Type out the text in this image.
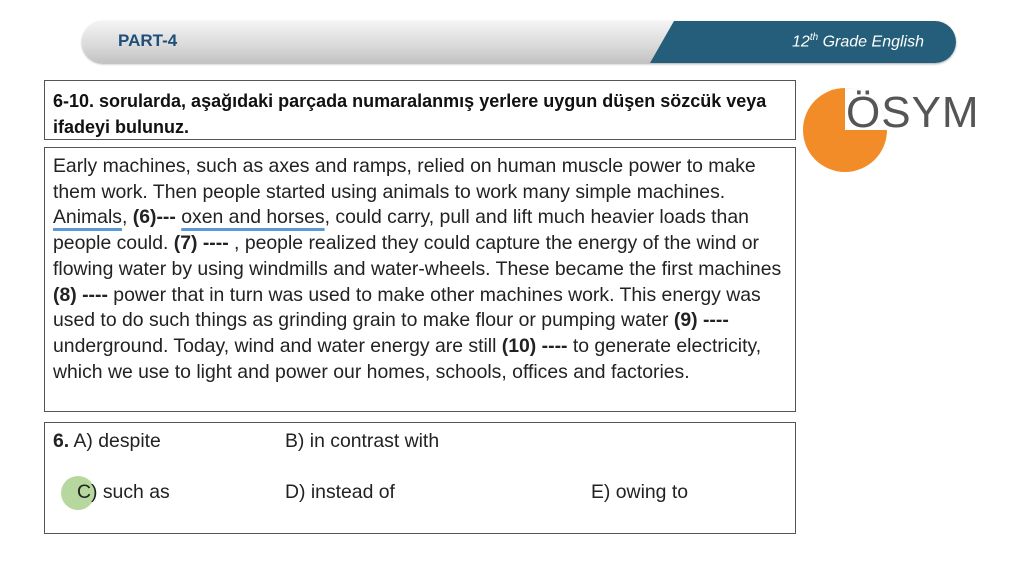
PART-4	12th Grade English
ÖSYM
6-10. sorularda, aşağıdaki parçada numaralanmış yerlere uygun düşen sözcük veya ifadeyi bulunuz.
Early machines, such as axes and ramps, relied on human muscle power to make them work. Then people started using animals to work many simple machines. Animals, (6)--- oxen and horses, could carry, pull and lift much heavier loads than people could. (7) ---- , people realized they could capture the energy of the wind or flowing water by using windmills and water-wheels. These became the first machines (8) ---- power that in turn was used to make other machines work. This energy was used to do such things as grinding grain to make flour or pumping water (9) ---- underground. Today, wind and water energy are still (10) ---- to generate electricity, which we use to light and power our homes, schools, offices and factories.
6. A) despite	B) in contrast with
C) such as	D) instead of	E) owing to
